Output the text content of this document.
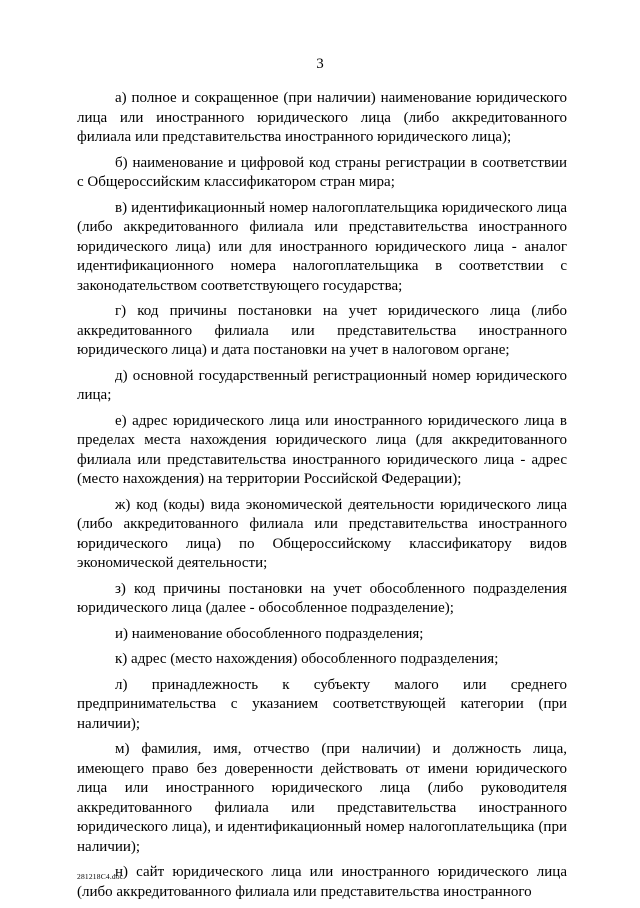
3

а) полное и сокращенное (при наличии) наименование юридического лица или иностранного юридического лица (либо аккредитованного филиала или представительства иностранного юридического лица);

б) наименование и цифровой код страны регистрации в соответствии с Общероссийским классификатором стран мира;

в) идентификационный номер налогоплательщика юридического лица (либо аккредитованного филиала или представительства иностранного юридического лица) или для иностранного юридического лица - аналог идентификационного номера налогоплательщика в соответствии с законодательством соответствующего государства;

г) код причины постановки на учет юридического лица (либо аккредитованного филиала или представительства иностранного юридического лица) и дата постановки на учет в налоговом органе;

д) основной государственный регистрационный номер юридического лица;

е) адрес юридического лица или иностранного юридического лица в пределах места нахождения юридического лица (для аккредитованного филиала или представительства иностранного юридического лица - адрес (место нахождения) на территории Российской Федерации);

ж) код (коды) вида экономической деятельности юридического лица (либо аккредитованного филиала или представительства иностранного юридического лица) по Общероссийскому классификатору видов экономической деятельности;

з) код причины постановки на учет обособленного подразделения юридического лица (далее - обособленное подразделение);

и) наименование обособленного подразделения;

к) адрес (место нахождения) обособленного подразделения;

л) принадлежность к субъекту малого или среднего предпринимательства с указанием соответствующей категории (при наличии);

м) фамилия, имя, отчество (при наличии) и должность лица, имеющего право без доверенности действовать от имени юридического лица или иностранного юридического лица (либо руководителя аккредитованного филиала или представительства иностранного юридического лица), и идентификационный номер налогоплательщика (при наличии);

н) сайт юридического лица или иностранного юридического лица (либо аккредитованного филиала или представительства иностранного

281218C4.doc
